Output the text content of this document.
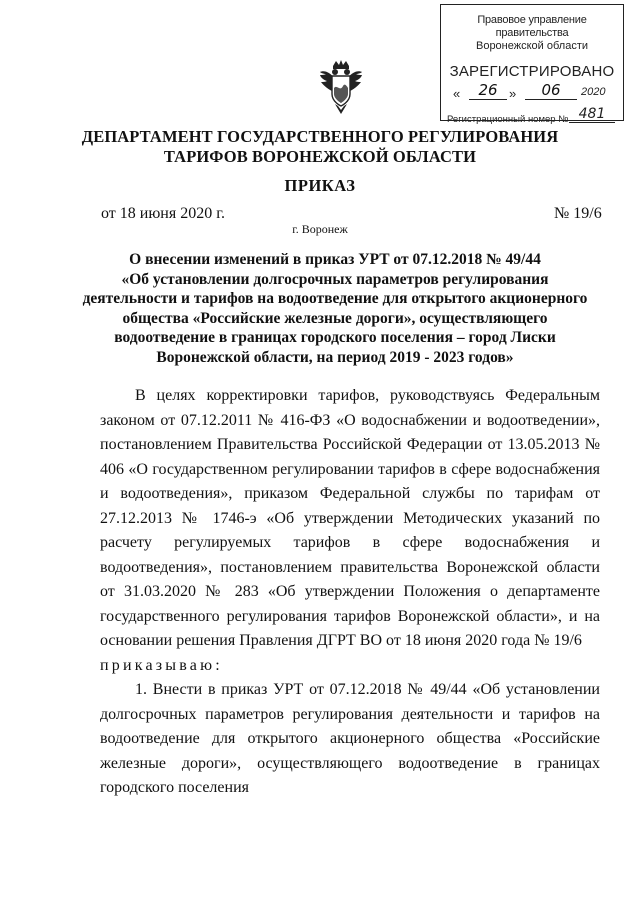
Правовое управление правительства
Воронежской области
ЗАРЕГИСТРИРОВАНО
«	26 »	06	2020
Регистрационный номер № 481
ДЕПАРТАМЕНТ ГОСУДАРСТВЕННОГО РЕГУЛИРОВАНИЯ
ТАРИФОВ ВОРОНЕЖСКОЙ ОБЛАСТИ
ПРИКАЗ
от 18 июня 2020 г.	№ 19/6
г. Воронеж
О внесении изменений в приказ УРТ от 07.12.2018 № 49/44
«Об установлении долгосрочных параметров регулирования
деятельности и тарифов на водоотведение для открытого акционерного
общества «Российские железные дороги», осуществляющего
водоотведение в границах городского поселения – город Лиски
Воронежской области, на период 2019 - 2023 годов»

В целях корректировки тарифов, руководствуясь Федеральным законом от 07.12.2011 № 416-ФЗ «О водоснабжении и водоотведении», постановлением Правительства Российской Федерации от 13.05.2013 № 406 «О государственном регулировании тарифов в сфере водоснабжения и водоотведения», приказом Федеральной службы по тарифам от 27.12.2013 № 1746-э «Об утверждении Методических указаний по расчету регулируемых тарифов в сфере водоснабжения и водоотведения», постановлением правительства Воронежской области от 31.03.2020 № 283 «Об утверждении Положения о департаменте государственного регулирования тарифов Воронежской области», и на основании решения Правления ДГРТ ВО от 18 июня 2020 года № 19/6

приказываю:

1. Внести в приказ УРТ от 07.12.2018 № 49/44 «Об установлении долгосрочных параметров регулирования деятельности и тарифов на водоотведение для открытого акционерного общества «Российские железные дороги», осуществляющего водоотведение в границах городского поселения
